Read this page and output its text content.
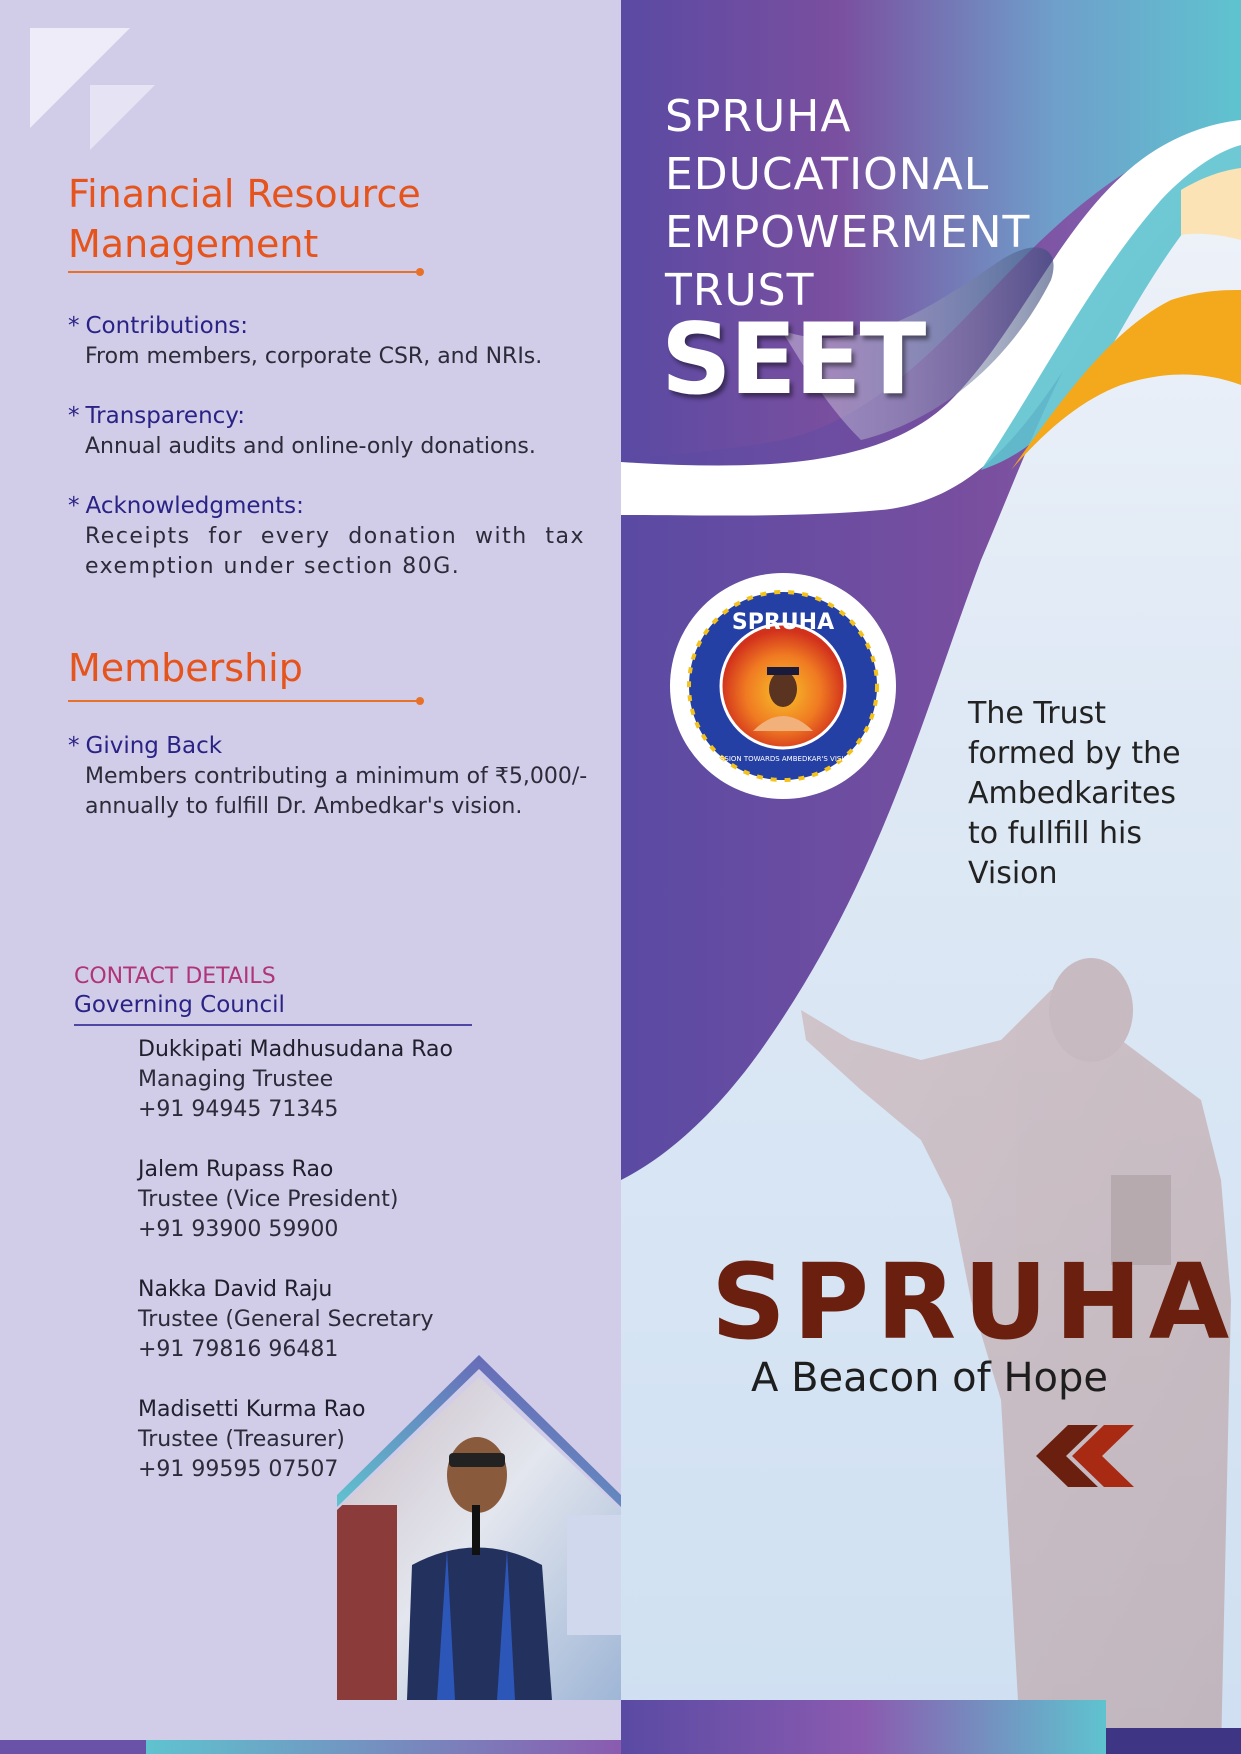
Financial Resource
Management
* Contributions:
From members, corporate CSR, and NRIs.
* Transparency:
Annual audits and online-only donations.
* Acknowledgments:
Receipts for every donation with tax exemption under section 80G.
Membership
* Giving Back
Members contributing a minimum of ₹5,000/- annually to fulfill Dr. Ambedkar's vision.
CONTACT DETAILS
Governing Council
Dukkipati Madhusudana Rao
Managing Trustee
+91 94945 71345
Jalem Rupass Rao
Trustee (Vice President)
+91 93900 59900
Nakka David Raju
Trustee (General Secretary
+91 79816 96481
Madisetti Kurma Rao
Trustee (Treasurer)
+91 99595 07507
SPRUHA
EDUCATIONAL
EMPOWERMENT
TRUST
SEET
SPRUHA
MISSION TOWARDS AMBEDKAR'S VISION
The Trust
formed by the
Ambedkarites
to fullfill his
Vision
SPRUHA
A Beacon of Hope
